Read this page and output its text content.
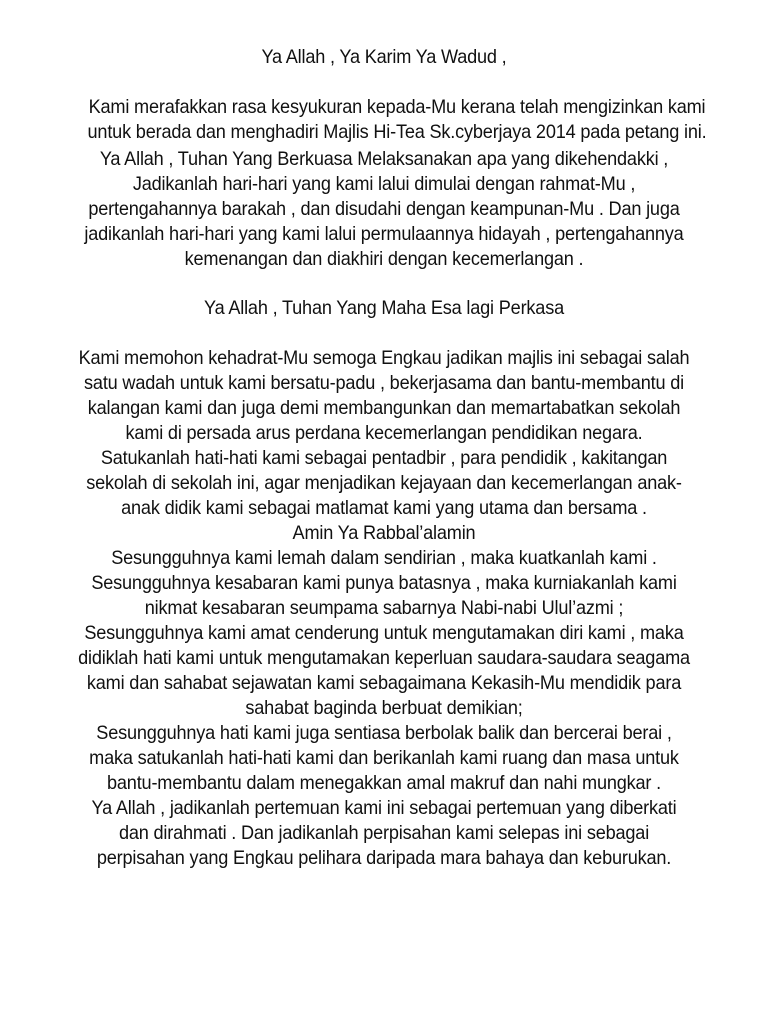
Ya Allah , Ya Karim Ya Wadud ,
Kami merafakkan rasa kesyukuran kepada-Mu kerana telah mengizinkan kami
untuk berada dan menghadiri Majlis Hi-Tea Sk.cyberjaya 2014 pada petang ini.
Ya Allah , Tuhan Yang Berkuasa Melaksanakan apa yang dikehendakki ,
Jadikanlah hari-hari yang kami lalui dimulai dengan rahmat-Mu ,
pertengahannya barakah , dan disudahi dengan keampunan-Mu . Dan juga
jadikanlah hari-hari yang kami lalui permulaannya hidayah , pertengahannya
kemenangan dan diakhiri dengan kecemerlangan .
Ya Allah , Tuhan Yang Maha Esa lagi Perkasa
Kami memohon kehadrat-Mu semoga Engkau jadikan majlis ini sebagai salah
satu wadah untuk kami bersatu-padu , bekerjasama dan bantu-membantu di
kalangan kami dan juga demi membangunkan dan memartabatkan sekolah
kami di persada arus perdana kecemerlangan pendidikan negara.
Satukanlah hati-hati kami sebagai pentadbir , para pendidik , kakitangan
sekolah di sekolah ini, agar menjadikan kejayaan dan kecemerlangan anak-
anak didik kami sebagai matlamat kami yang utama dan bersama .
Amin Ya Rabbal’alamin
Sesungguhnya kami lemah dalam sendirian , maka kuatkanlah kami .
Sesungguhnya kesabaran kami punya batasnya , maka kurniakanlah kami
nikmat kesabaran seumpama sabarnya Nabi-nabi Ulul’azmi ;
Sesungguhnya kami amat cenderung untuk mengutamakan diri kami , maka
didiklah hati kami untuk mengutamakan keperluan saudara-saudara seagama
kami dan sahabat sejawatan kami sebagaimana Kekasih-Mu mendidik para
sahabat baginda berbuat demikian;
Sesungguhnya hati kami juga sentiasa berbolak balik dan bercerai berai ,
maka satukanlah hati-hati kami dan berikanlah kami ruang dan masa untuk
bantu-membantu dalam menegakkan amal makruf dan nahi mungkar .
Ya Allah , jadikanlah pertemuan kami ini sebagai pertemuan yang diberkati
dan dirahmati . Dan jadikanlah perpisahan kami selepas ini sebagai
perpisahan yang Engkau pelihara daripada mara bahaya dan keburukan.
